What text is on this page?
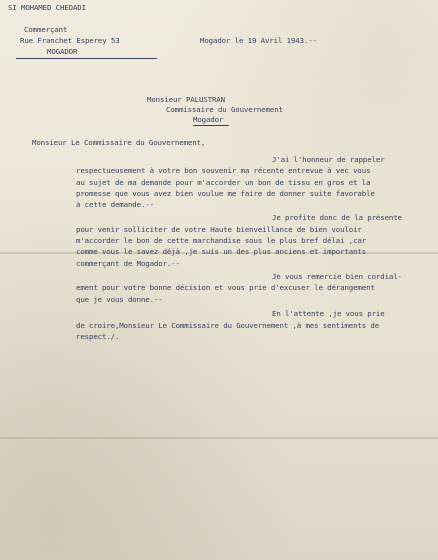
SI MOHAMED CHEDADI

Commerçant

Rue Franchet Esperey 53

MOGADOR

Mogador le 19 Avril 1943.--

Monsieur PALUSTRAN

Commissaire du Gouvernement

Mogador

Monsieur Le Commissaire du Gouvernement,

J'ai l'honneur de rappeler

respectueusement à votre bon souvenir ma récente entrevue à vec vous

au sujet de ma demande pour m'accorder un bon de tissu en gros et la

promesse que vous avez bien voulue me faire de donner suite favorable

à cette demande.--

Je profite donc de la présente

pour venir solliciter de votre Haute bienveillance de bien vouloir

m'accorder le bon de cette marchandise sous le plus bref délai ,car

comme vous le savez déjà ,je suis un des plus anciens et importants

commerçant de Mogador.--

Je vous remercie bien cordial-

ement pour votre bonne décision et vous prie d'excuser le dérangement

que je vous donne.--

En l'attente ,je vous prie

de croire,Monsieur Le Commissaire du Gouvernement ,à mes sentiments de

respect./.
